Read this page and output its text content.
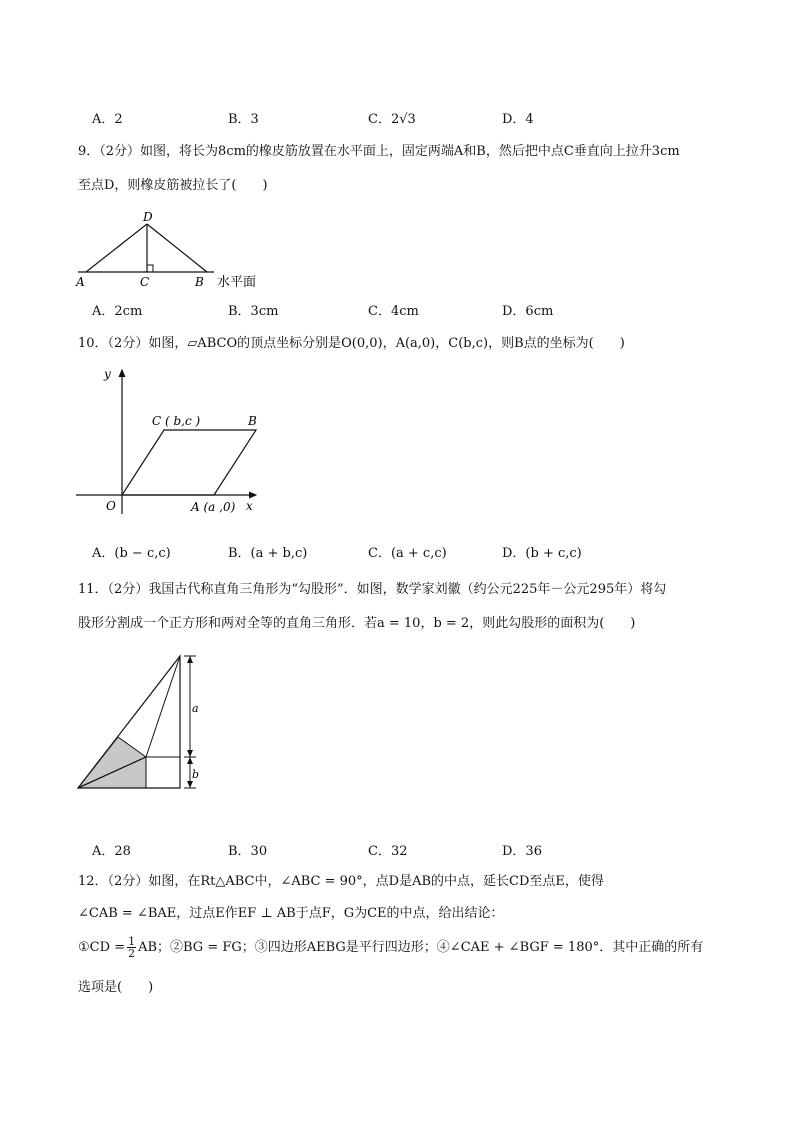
A．2	B．3	C．2√3	D．4
9．（2分）如图，将长为8cm的橡皮筋放置在水平面上，固定两端A和B，然后把中点C垂直向上拉升3cm
至点D，则橡皮筋被拉长了(　　)
D
A	C	B 水平面
A．2cm	B．3cm	C．4cm	D．6cm
10．（2分）如图，▱ABCO的顶点坐标分别是O(0,0)，A(a,0)，C(b,c)，则B点的坐标为(　　)
y
x
O
C ( b,c )	B
A (a ,0)
A．(b − c,c)	B．(a + b,c)	C．(a + c,c)	D．(b + c,c)
11．（2分）我国古代称直角三角形为“勾股形”．如图，数学家刘徽（约公元225年－公元295年）将勾
股形分割成一个正方形和两对全等的直角三角形．若a = 10，b = 2，则此勾股形的面积为(　　)
a
b
A．28	B．30	C．32	D．36
12．（2分）如图，在Rt△ABC中，∠ABC = 90°，点D是AB的中点，延长CD至点E，使得
∠CAB = ∠BAE，过点E作EF ⊥ AB于点F，G为CE的中点，给出结论：
①CD = $\frac{1}{2}$ AB；②BG = FG；③四边形AEBG是平行四边形；④∠CAE + ∠BGF = 180°．其中正确的所有
选项是(　　)
